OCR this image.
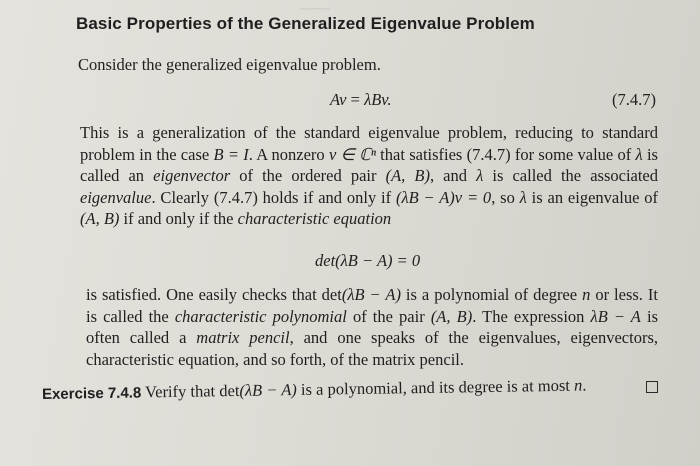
───
Basic Properties of the Generalized Eigenvalue Problem
Consider the generalized eigenvalue problem.
Av = λBv.	(7.4.7)
This is a generalization of the standard eigenvalue problem, reducing to standard problem in the case B = I. A nonzero v ∈ ℂⁿ that satisfies (7.4.7) for some value of λ is called an eigenvector of the ordered pair (A, B), and λ is called the associated eigenvalue. Clearly (7.4.7) holds if and only if (λB − A)v = 0, so λ is an eigenvalue of (A, B) if and only if the characteristic equation
det(λB − A) = 0
is satisfied. One easily checks that det(λB − A) is a polynomial of degree n or less. It is called the characteristic polynomial of the pair (A, B). The expression λB − A is often called a matrix pencil, and one speaks of the eigenvalues, eigenvectors, characteristic equation, and so forth, of the matrix pencil.
Exercise 7.4.8 Verify that det(λB − A) is a polynomial, and its degree is at most n.
